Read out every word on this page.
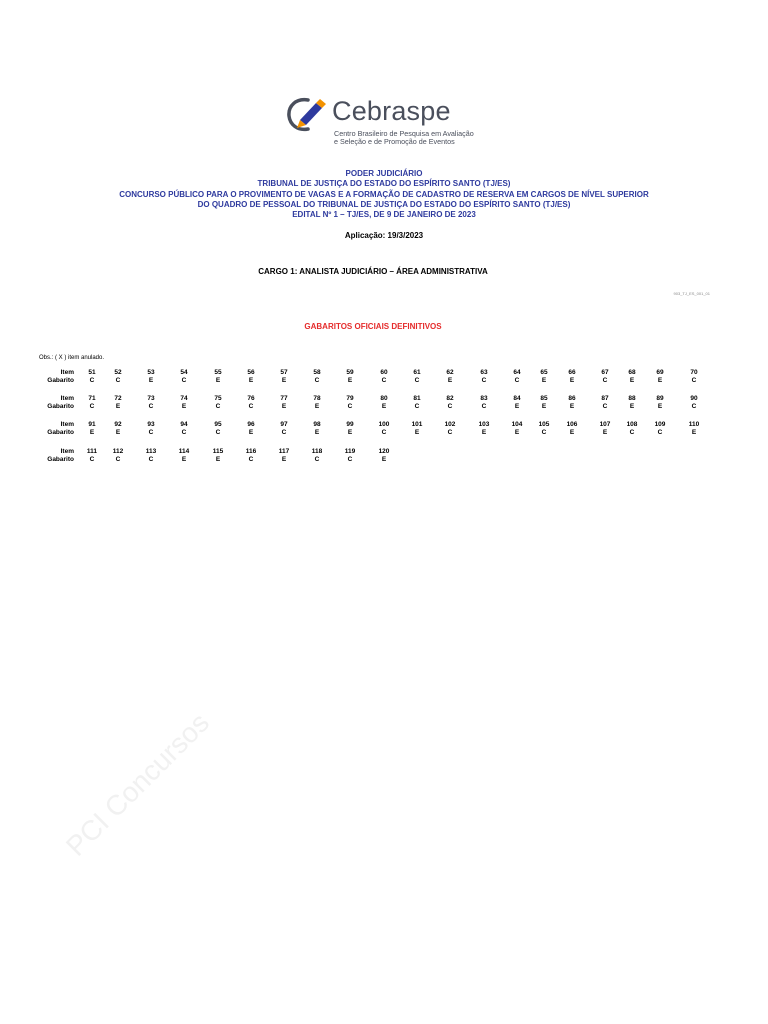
Cebraspe
Centro Brasileiro de Pesquisa em Avaliação
e Seleção e de Promoção de Eventos
PODER JUDICIÁRIO
TRIBUNAL DE JUSTIÇA DO ESTADO DO ESPÍRITO SANTO (TJ/ES)
CONCURSO PÚBLICO PARA O PROVIMENTO DE VAGAS E A FORMAÇÃO DE CADASTRO DE RESERVA EM CARGOS DE NÍVEL SUPERIOR
DO QUADRO DE PESSOAL DO TRIBUNAL DE JUSTIÇA DO ESTADO DO ESPÍRITO SANTO (TJ/ES)
EDITAL Nº 1 – TJ/ES, DE 9 DE JANEIRO DE 2023
Aplicação: 19/3/2023
CARGO 1: ANALISTA JUDICIÁRIO – ÁREA ADMINISTRATIVA
903_TJ_ES_001_01
GABARITOS OFICIAIS DEFINITIVOS
Obs.: ( X ) item anulado.
Item
Gabarito
51
C
52
C
53
E
54
C
55
E
56
E
57
E
58
C
59
E
60
C
61
C
62
E
63
C
64
C
65
E
66
E
67
C
68
E
69
E
70
C
Item
Gabarito
71
C
72
E
73
C
74
E
75
C
76
C
77
E
78
E
79
C
80
E
81
C
82
C
83
C
84
E
85
E
86
E
87
C
88
E
89
E
90
C
Item
Gabarito
91
E
92
E
93
C
94
C
95
C
96
E
97
C
98
E
99
E
100
C
101
E
102
C
103
E
104
E
105
C
106
E
107
E
108
C
109
C
110
E
Item
Gabarito
111
C
112
C
113
C
114
E
115
E
116
C
117
E
118
C
119
C
120
E
PCI Concursos
